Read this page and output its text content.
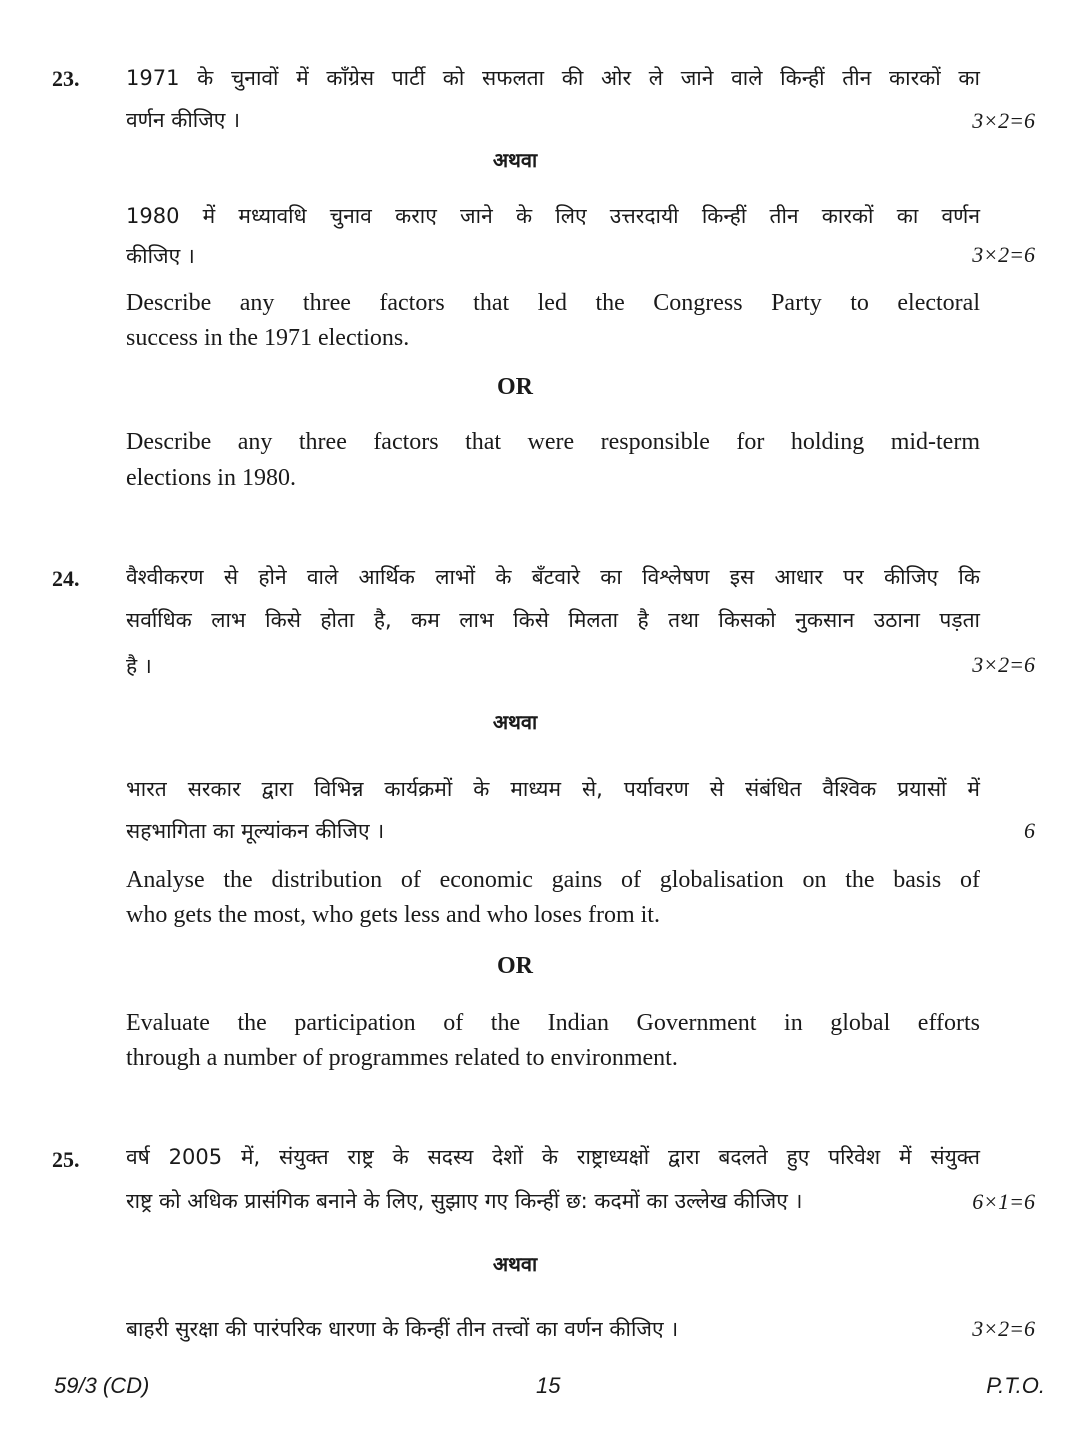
23. 1971 के चुनावों में काँग्रेस पार्टी को सफलता की ओर ले जाने वाले किन्हीं तीन कारकों का
वर्णन कीजिए ।	3×2=6
अथवा
1980 में मध्यावधि चुनाव कराए जाने के लिए उत्तरदायी किन्हीं तीन कारकों का वर्णन
कीजिए ।	3×2=6
Describe any three factors that led the Congress Party to electoral
success in the 1971 elections.
OR
Describe any three factors that were responsible for holding mid-term
elections in 1980.
24. वैश्वीकरण से होने वाले आर्थिक लाभों के बँटवारे का विश्लेषण इस आधार पर कीजिए कि
सर्वाधिक लाभ किसे होता है, कम लाभ किसे मिलता है तथा किसको नुकसान उठाना पड़ता
है ।	3×2=6
अथवा
भारत सरकार द्वारा विभिन्न कार्यक्रमों के माध्यम से, पर्यावरण से संबंधित वैश्विक प्रयासों में
सहभागिता का मूल्यांकन कीजिए ।	6
Analyse the distribution of economic gains of globalisation on the basis of
who gets the most, who gets less and who loses from it.
OR
Evaluate the participation of the Indian Government in global efforts
through a number of programmes related to environment.
25. वर्ष 2005 में, संयुक्त राष्ट्र के सदस्य देशों के राष्ट्राध्यक्षों द्वारा बदलते हुए परिवेश में संयुक्त
राष्ट्र को अधिक प्रासंगिक बनाने के लिए, सुझाए गए किन्हीं छ: कदमों का उल्लेख कीजिए ।	6×1=6
अथवा
बाहरी सुरक्षा की पारंपरिक धारणा के किन्हीं तीन तत्त्वों का वर्णन कीजिए ।	3×2=6
59/3 (CD)	15	P.T.O.
